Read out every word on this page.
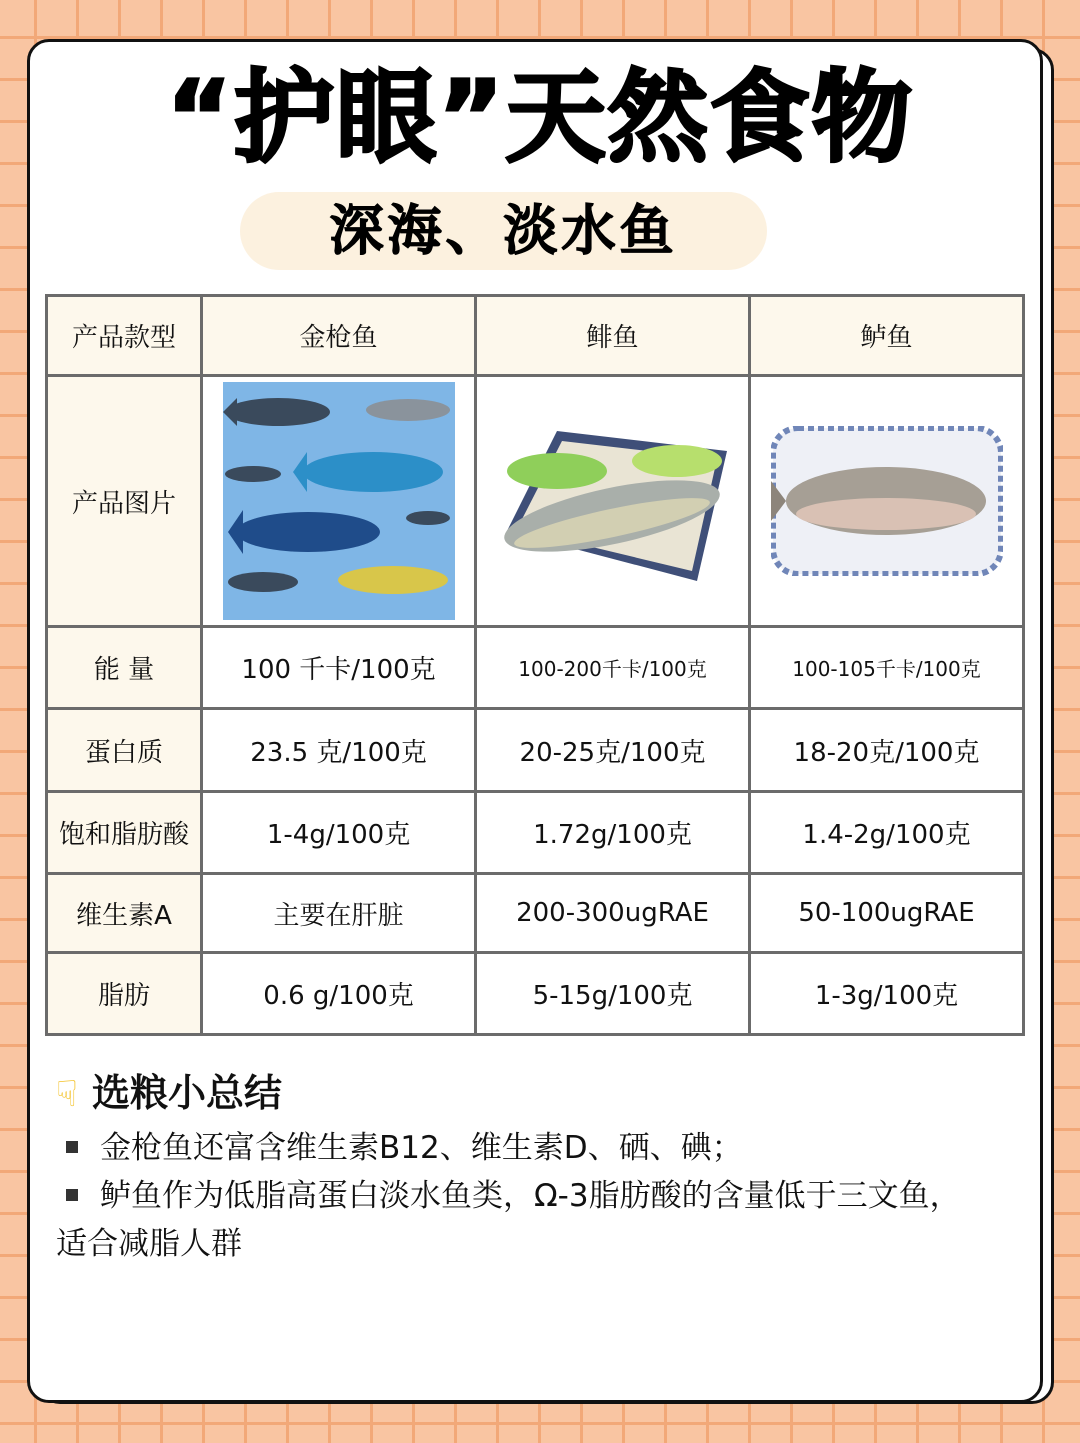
“护眼”天然食物
深海、淡水鱼
产品款型	金枪鱼	鲱鱼	鲈鱼
产品图片	

能 量	100 千卡/100克	100-200千卡/100克	100-105千卡/100克
蛋白质	23.5 克/100克	20-25克/100克	18-20克/100克
饱和脂肪酸	1-4g/100克	1.72g/100克	1.4-2g/100克
维生素A	主要在肝脏	200-300ugRAE	50-100ugRAE
脂肪	0.6 g/100克	5-15g/100克	1-3g/100克
☟ 选粮小总结
金枪鱼还富含维生素B12、维生素D、硒、碘；
鲈鱼作为低脂高蛋白淡水鱼类，Ω-3脂肪酸的含量低于三文鱼，
适合减脂人群
